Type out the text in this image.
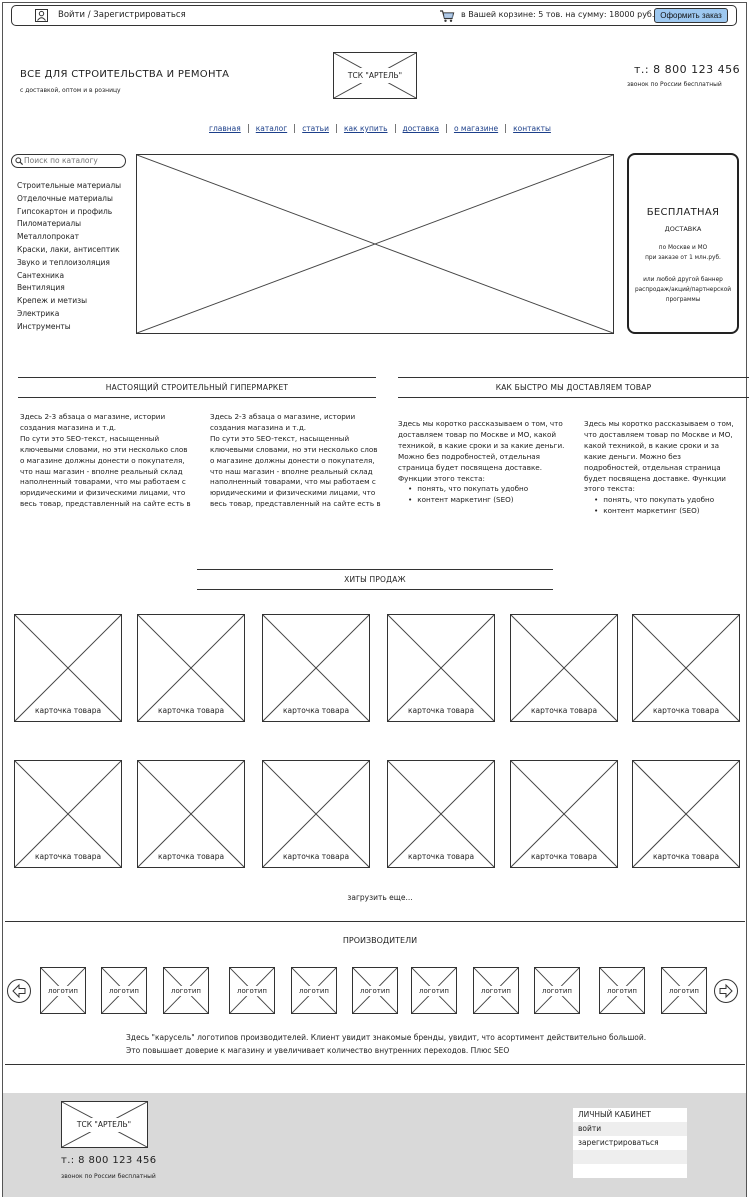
Войти / Зарегистрироваться	в Вашей корзине: 5 тов. на сумму: 18000 руб. Оформить заказ
ВСЕ ДЛЯ СТРОИТЕЛЬСТВА И РЕМОНТА
с доставкой, оптом и в розницу
ТСК "АРТЕЛЬ"	т.: 8 800 123 456
звонок по России бесплатный
главная	каталог	статьи	как купить	доставка	о магазине	контакты
Поиск по каталогу
Строительные материалы
Отделочные материалы
Гипсокартон и профиль
Пиломатериалы
Металлопрокат
Краски, лаки, антисептик
Звуко и теплоизоляция
Сантехника
Вентиляция
Крепеж и метизы
Электрика
Инструменты
БЕСПЛАТНАЯ
ДОСТАВКА
по Москве и МО
при заказе от 1 млн.руб.
или любой другой баннер
распродаж/акций/партнерской
программы
НАСТОЯЩИЙ СТРОИТЕЛЬНЫЙ ГИПЕРМАРКЕТ	КАК БЫСТРО МЫ ДОСТАВЛЯЕМ ТОВАР
Здесь 2-3 абзаца о магазине, истории создания магазина и т.д.
По сути это SEO-текст, насыщенный ключевыми словами, но эти несколько слов о магазине должны донести о покупателя, что наш магазин - вполне реальный склад наполненный товарами, что мы работаем с юридическими и физическими лицами, что весь товар, представленный на сайте есть в
Здесь 2-3 абзаца о магазине, истории создания магазина и т.д.
По сути это SEO-текст, насыщенный ключевыми словами, но эти несколько слов о магазине должны донести о покупателя, что наш магазин - вполне реальный склад наполненный товарами, что мы работаем с юридическими и физическими лицами, что весь товар, представленный на сайте есть в
Здесь мы коротко рассказываем о том, что доставляем товар по Москве и МО, какой техникой, в какие сроки и за какие деньги. Можно без подробностей, отдельная страница будет посвящена доставке. Функции этого текста:
• понять, что покупать удобно
• контент маркетинг (SEO)
Здесь мы коротко рассказываем о том, что доставляем товар по Москве и МО, какой техникой, в какие сроки и за какие деньги. Можно без подробностей, отдельная страница будет посвящена доставке. Функции этого текста:
• понять, что покупать удобно
• контент маркетинг (SEO)
ХИТЫ ПРОДАЖ
карточка товара	карточка товара	карточка товара	карточка товара	карточка товара	карточка товара
карточка товара	карточка товара	карточка товара	карточка товара	карточка товара	карточка товара
загрузить еще...
ПРОИЗВОДИТЕЛИ
логотип	логотип	логотип	логотип	логотип	логотип	логотип	логотип	логотип	логотип	логотип
Здесь "карусель" логотипов производителей. Клиент увидит знакомые бренды, увидит, что асортимент действительно большой.
Это повышает доверие к магазину и увеличивает количество внутренних переходов. Плюс SEO
ТСК "АРТЕЛЬ"
т.: 8 800 123 456
звонок по России бесплатный
ЛИЧНЫЙ КАБИНЕТ
войти
зарегистрироваться
